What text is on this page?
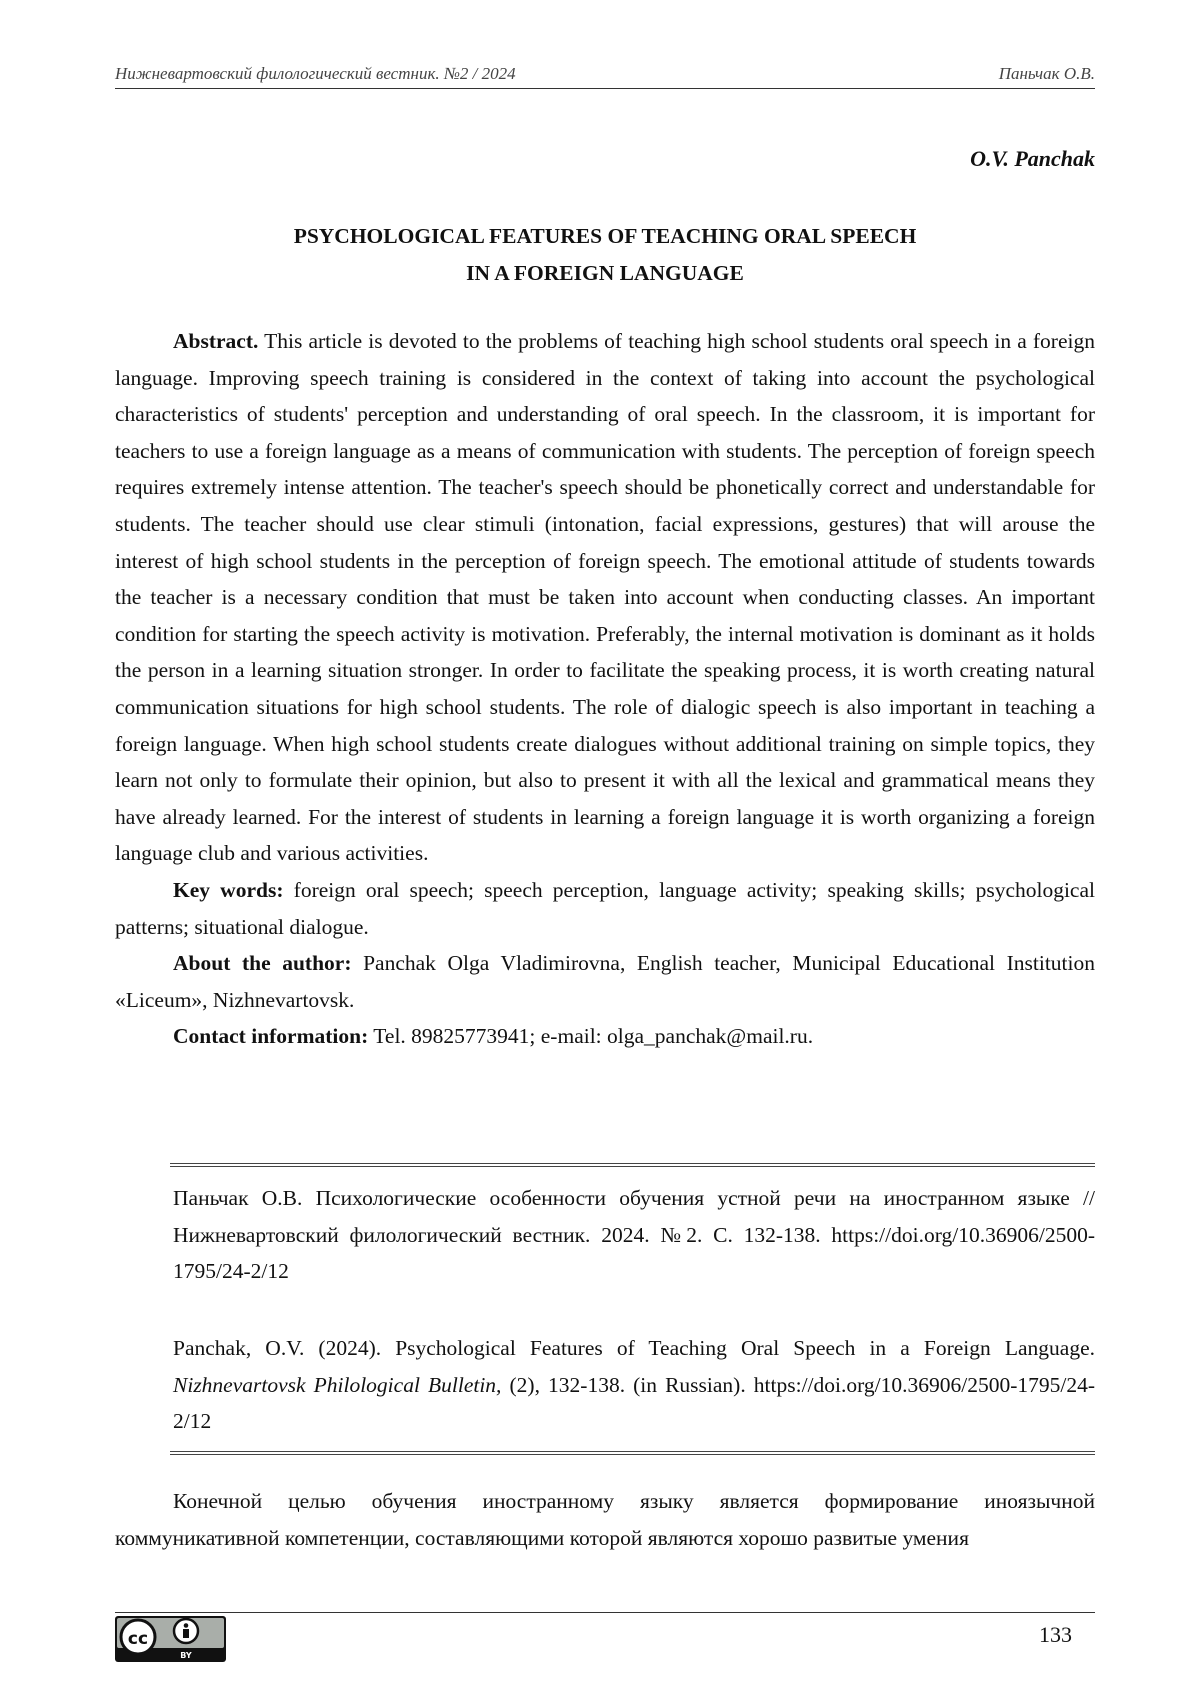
Нижневартовский филологический вестник. №2 / 2024	Паньчак О.В.
O.V. Panchak
PSYCHOLOGICAL FEATURES OF TEACHING ORAL SPEECH
IN A FOREIGN LANGUAGE

Abstract. This article is devoted to the problems of teaching high school students oral speech in a foreign language. Improving speech training is considered in the context of taking into account the psychological characteristics of students' perception and understanding of oral speech. In the classroom, it is important for teachers to use a foreign language as a means of communication with students. The perception of foreign speech requires extremely intense attention. The teacher's speech should be phonetically correct and understandable for students. The teacher should use clear stimuli (intonation, facial expressions, gestures) that will arouse the interest of high school students in the perception of foreign speech. The emotional attitude of students towards the teacher is a necessary condition that must be taken into account when conducting classes. An important condition for starting the speech activity is motivation. Preferably, the internal motivation is dominant as it holds the person in a learning situation stronger. In order to facilitate the speaking process, it is worth creating natural communication situations for high school students. The role of dialogic speech is also important in teaching a foreign language. When high school students create dialogues without additional training on simple topics, they learn not only to formulate their opinion, but also to present it with all the lexical and grammatical means they have already learned. For the interest of students in learning a foreign language it is worth organizing a foreign language club and various activities.

Key words: foreign oral speech; speech perception, language activity; speaking skills; psychological patterns; situational dialogue.

About the author: Panchak Olga Vladimirovna, English teacher, Municipal Educational Institution «Liceum», Nizhnevartovsk.

Contact information: Tel. 89825773941; e-mail: olga_panchak@mail.ru.

Паньчак О.В. Психологические особенности обучения устной речи на иностранном языке // Нижневартовский филологический вестник. 2024. №2. С. 132-138. https://doi.org/10.36906/2500-1795/24-2/12

Panchak, O.V. (2024). Psychological Features of Teaching Oral Speech in a Foreign Language. Nizhnevartovsk Philological Bulletin, (2), 132-138. (in Russian). https://doi.org/10.36906/2500-1795/24-2/12

Конечной целью обучения иностранному языку является формирование иноязычной коммуникативной компетенции, составляющими которой являются хорошо развитые умения

cc
BY
133
